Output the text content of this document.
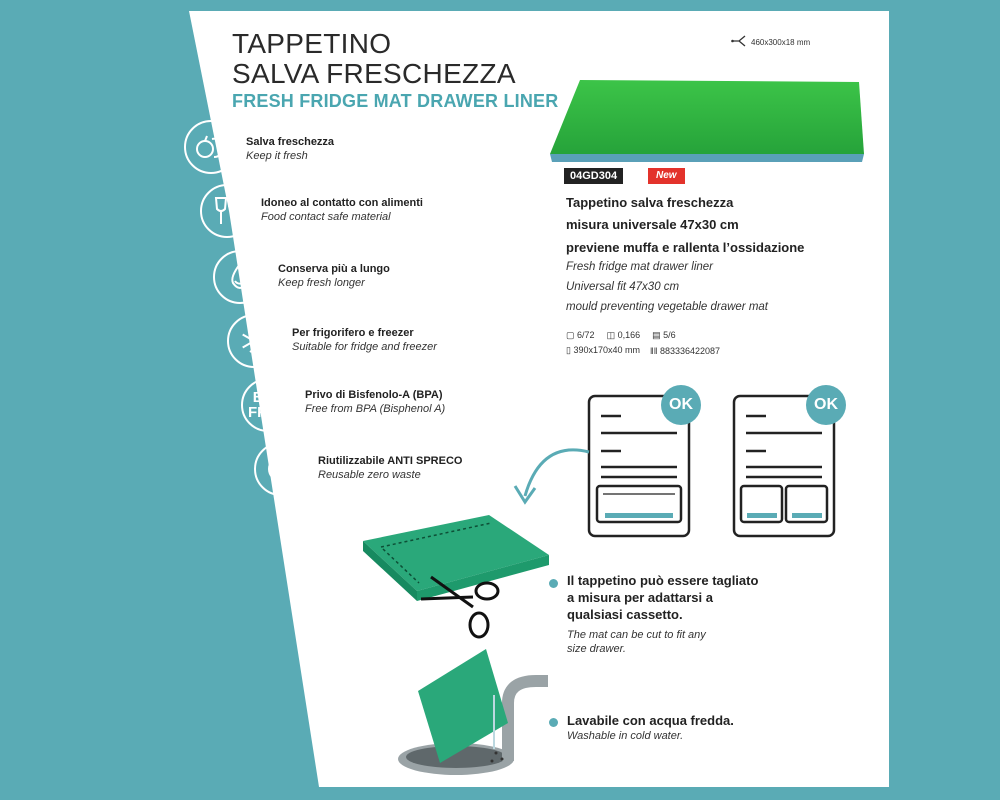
TAPPETINO
SALVA FRESCHEZZA
FRESH FRIDGE MAT DRAWER LINER
460x300x18 mm
Salva freschezza
Keep it fresh
Idoneo al contatto con alimenti
Food contact safe material
Conserva più a lungo
Keep fresh longer
Per frigorifero e freezer
Suitable for fridge and freezer
BPA
FREE
Privo di Bisfenolo-A (BPA)
Free from BPA (Bisphenol A)
Riutilizzabile ANTI SPRECO
Reusable zero waste
04GD304	New
Tappetino salva freschezza
misura universale 47x30 cm
previene muffa e rallenta l’ossidazione
Fresh fridge mat drawer liner
Universal fit 47x30 cm
mould preventing vegetable drawer mat
▢ 6/72 ◫ 0,166 ▤ 5/6
▯ 390x170x40 mm ‖‖ 883336422087
OK	OK
Il tappetino può essere tagliato
a misura per adattarsi a
qualsiasi cassetto.
The mat can be cut to fit any
size drawer.
Lavabile con acqua fredda.
Washable in cold water.
